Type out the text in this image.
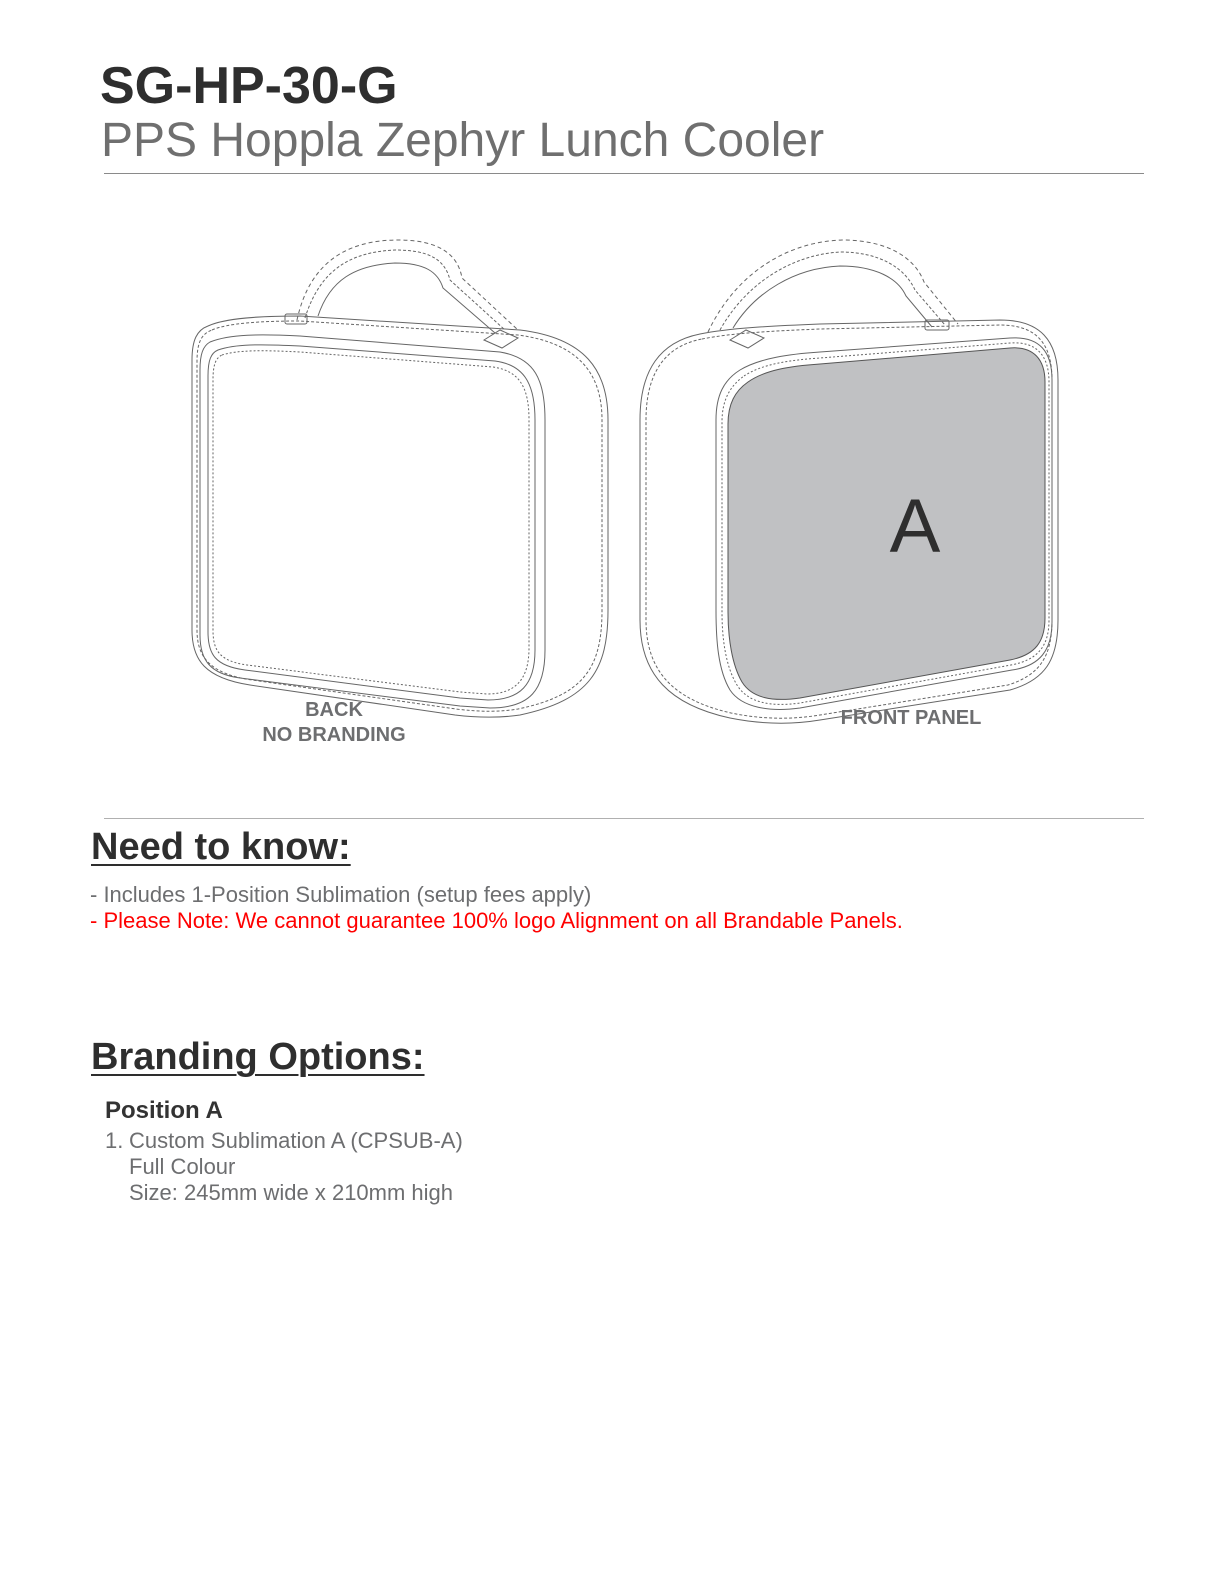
SG-HP-30-G
PPS Hoppla Zephyr Lunch Cooler
A
BACK
NO BRANDING
FRONT PANEL
Need to know:
- Includes 1-Position Sublimation (setup fees apply)
- Please Note: We cannot guarantee 100% logo Alignment on all Brandable Panels.
Branding Options:
Position A
1. Custom Sublimation A (CPSUB-A)
Full Colour
Size: 245mm wide x 210mm high
